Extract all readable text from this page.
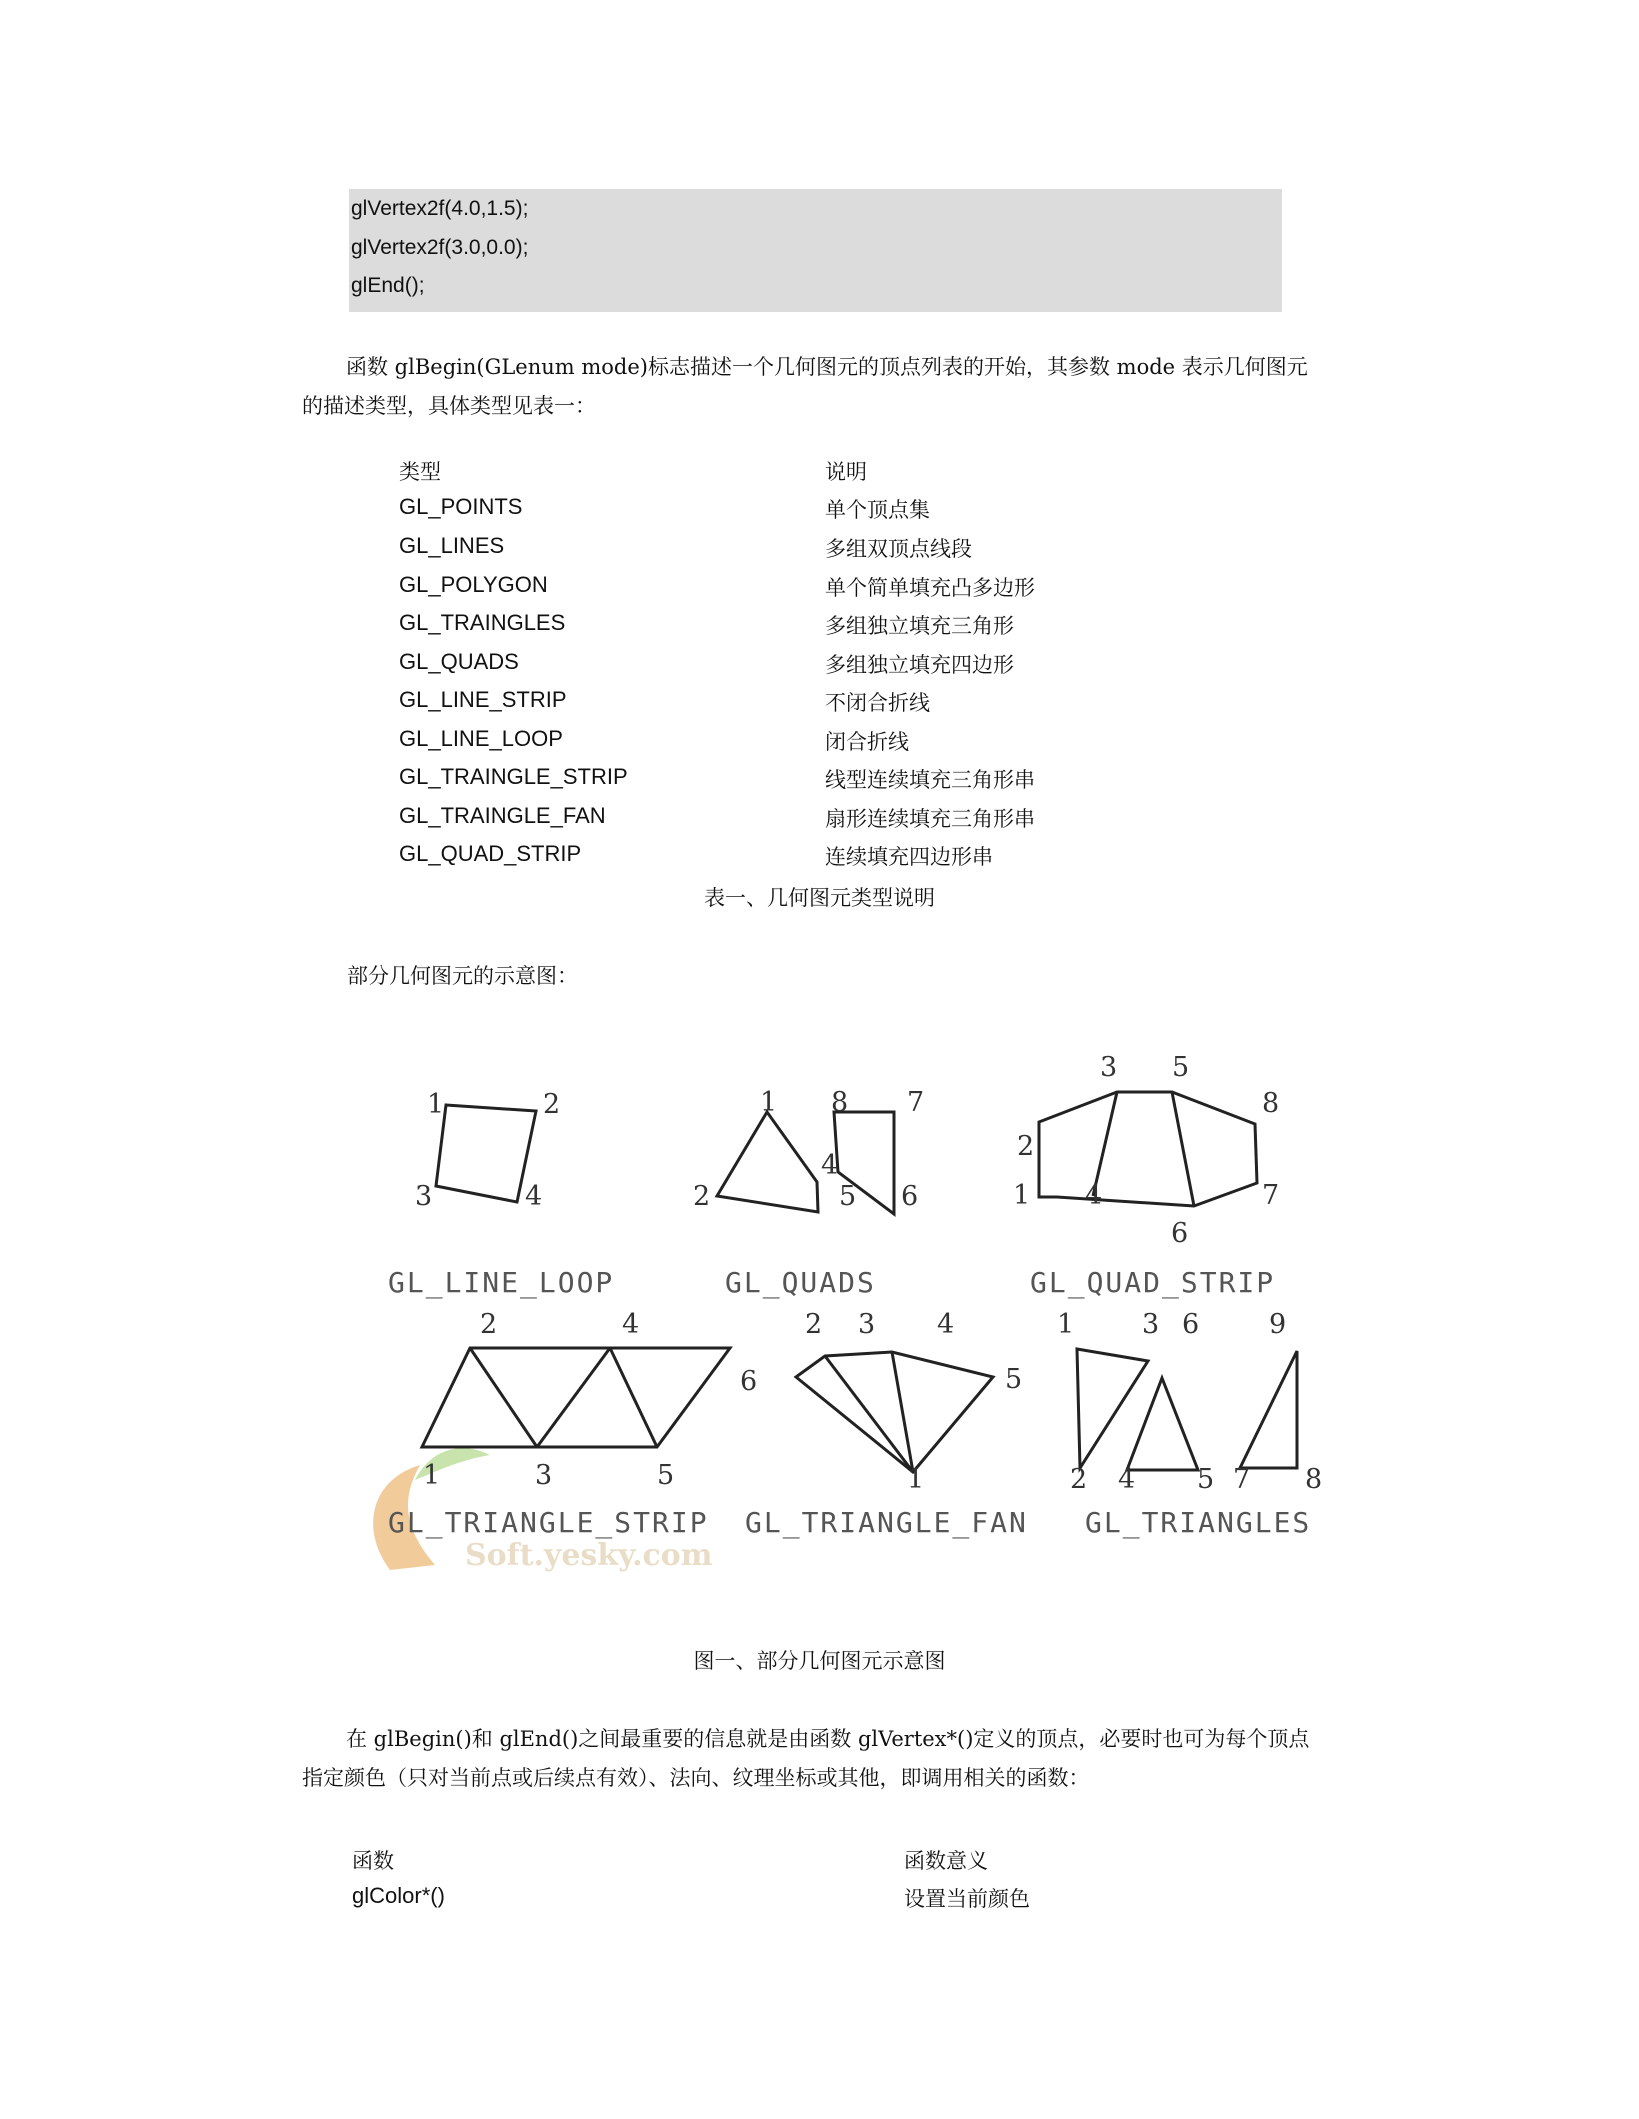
glVertex2f(4.0,1.5);
glVertex2f(3.0,0.0);
glEnd();
函数 glBegin(GLenum mode)标志描述一个几何图元的顶点列表的开始，其参数 mode 表示几何图元
的描述类型，具体类型见表一：
类型	说明
GL_POINTS	单个顶点集
GL_LINES	多组双顶点线段
GL_POLYGON	单个简单填充凸多边形
GL_TRAINGLES	多组独立填充三角形
GL_QUADS	多组独立填充四边形
GL_LINE_STRIP	不闭合折线
GL_LINE_LOOP	闭合折线
GL_TRAINGLE_STRIP	线型连续填充三角形串
GL_TRAINGLE_FAN	扇形连续填充三角形串
GL_QUAD_STRIP	连续填充四边形串
表一、几何图元类型说明
部分几何图元的示意图：
Soft.yesky.com
1	2
3	4
1
4
2
8 7
5 6
3 5
8
2
1 4	7
6
2	4
6
1	3	5
2 3 4
5
1
1	3 6	9
2 4 5 7 8
GL_LINE_LOOP	GL_QUADS	GL_QUAD_STRIP
GL_TRIANGLE_STRIP GL_TRIANGLE_FAN GL_TRIANGLES
图一、部分几何图元示意图
在 glBegin()和 glEnd()之间最重要的信息就是由函数 glVertex*()定义的顶点，必要时也可为每个顶点
指定颜色（只对当前点或后续点有效）、法向、纹理坐标或其他，即调用相关的函数：
函数	函数意义
glColor*()	设置当前颜色
